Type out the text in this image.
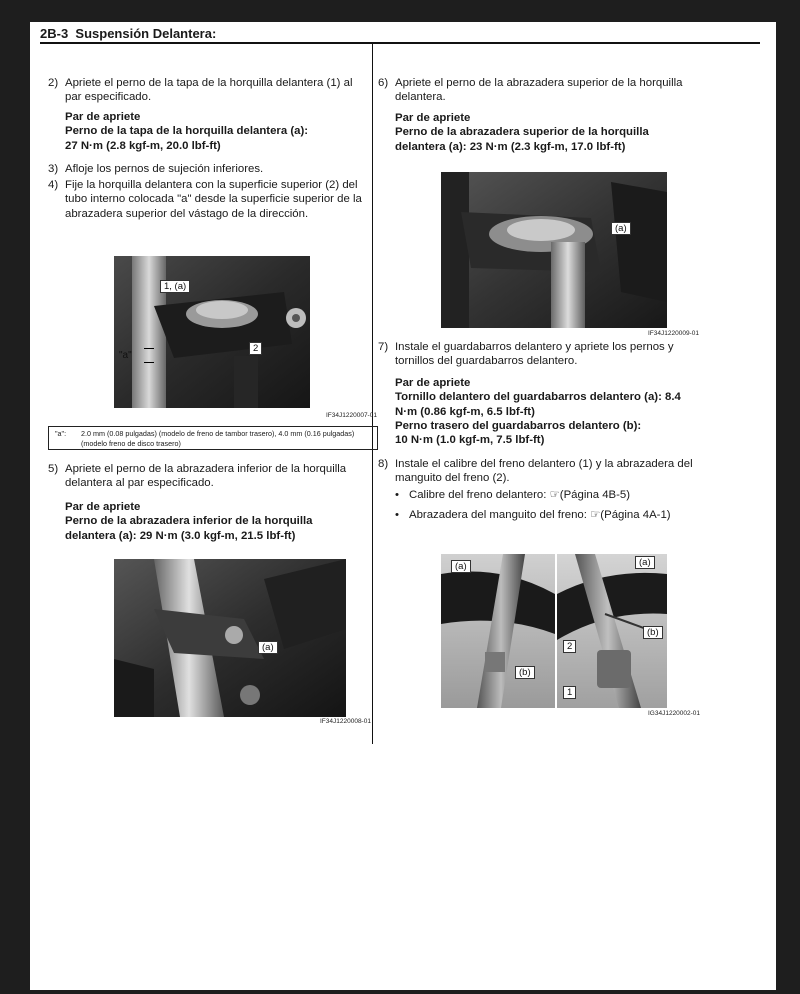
2B-3 Suspensión Delantera:
2) Apriete el perno de la tapa de la horquilla delantera (1) al par especificado.
Par de apriete
Perno de la tapa de la horquilla delantera (a):
27 N·m (2.8 kgf-m, 20.0 lbf-ft)
3) Afloje los pernos de sujeción inferiores.
4) Fije la horquilla delantera con la superficie superior (2) del tubo interno colocada "a" desde la superficie superior de la abrazadera superior del vástago de la dirección.
1, (a)
2
"a"
IF34J1220007-01
"a": 2.0 mm (0.08 pulgadas) (modelo de freno de tambor trasero), 4.0 mm (0.16 pulgadas) (modelo freno de disco trasero)
5) Apriete el perno de la abrazadera inferior de la horquilla delantera al par especificado.
Par de apriete
Perno de la abrazadera inferior de la horquilla delantera (a): 29 N·m (3.0 kgf-m, 21.5 lbf-ft)
(a)
IF34J1220008-01
6) Apriete el perno de la abrazadera superior de la horquilla delantera.
Par de apriete
Perno de la abrazadera superior de la horquilla delantera (a): 23 N·m (2.3 kgf-m, 17.0 lbf-ft)
(a)
IF34J1220009-01
7) Instale el guardabarros delantero y apriete los pernos y tornillos del guardabarros delantero.
Par de apriete
Tornillo delantero del guardabarros delantero (a): 8.4 N·m (0.86 kgf-m, 6.5 lbf-ft)
Perno trasero del guardabarros delantero (b):
10 N·m (1.0 kgf-m, 7.5 lbf-ft)
8) Instale el calibre del freno delantero (1) y la abrazadera del manguito del freno (2).
• Calibre del freno delantero: ☞(Página 4B-5)
• Abrazadera del manguito del freno: ☞(Página 4A-1)
(a)
(b)
(a)
(b)
2
1
IG34J1220002-01
